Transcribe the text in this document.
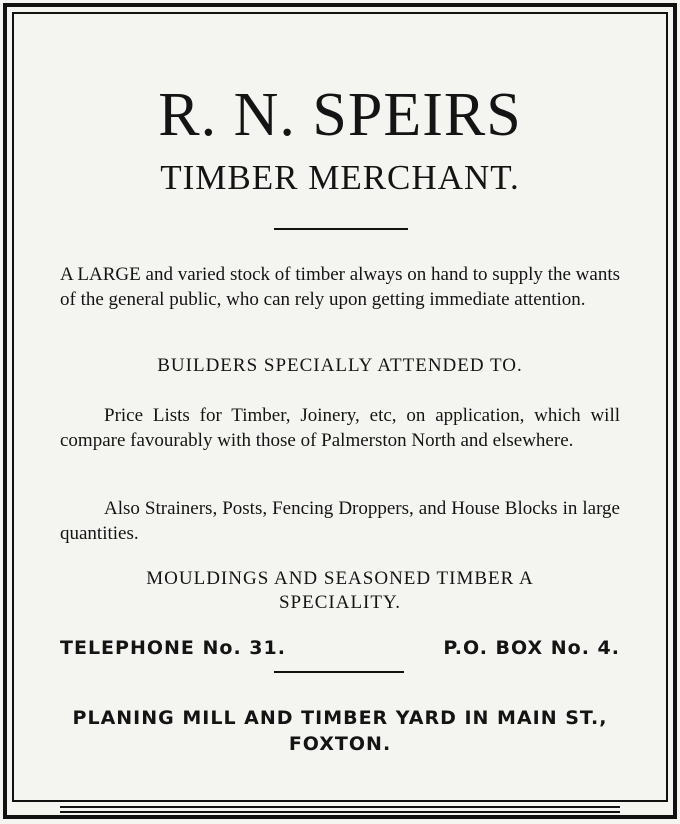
R. N. SPEIRS
TIMBER MERCHANT.
A LARGE and varied stock of timber always on hand to supply the wants of the general public, who can rely upon getting immediate attention.
BUILDERS SPECIALLY ATTENDED TO.
Price Lists for Timber, Joinery, etc, on application, which will compare favourably with those of Palmerston North and elsewhere.
Also Strainers, Posts, Fencing Droppers, and House Blocks in large quantities.
MOULDINGS AND SEASONED TIMBER A SPECIALITY.
TELEPHONE No. 31.	P.O. BOX No. 4.
PLANING MILL AND TIMBER YARD IN MAIN ST.,
FOXTON.
